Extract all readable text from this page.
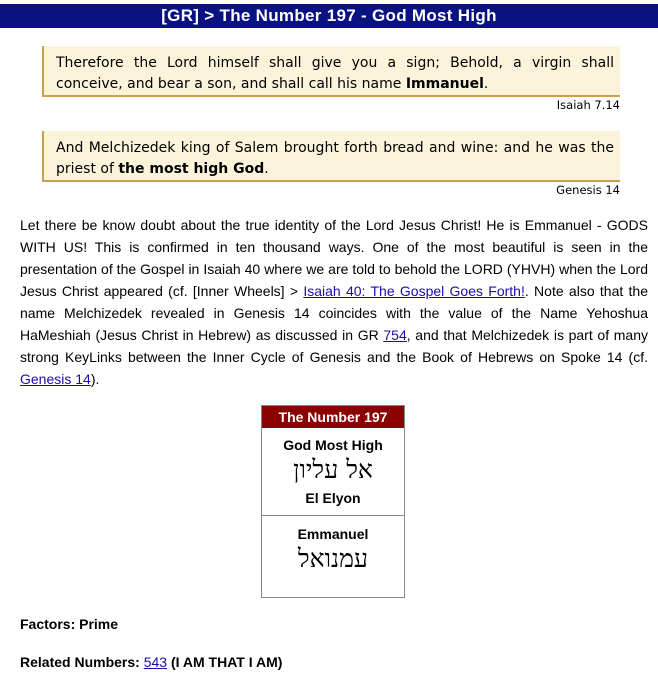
[GR] > The Number 197 - God Most High
Therefore the Lord himself shall give you a sign; Behold, a virgin shall conceive, and bear a son, and shall call his name Immanuel.
Isaiah 7.14
And Melchizedek king of Salem brought forth bread and wine: and he was the priest of the most high God.
Genesis 14
Let there be know doubt about the true identity of the Lord Jesus Christ! He is Emmanuel - GODS WITH US! This is confirmed in ten thousand ways. One of the most beautiful is seen in the presentation of the Gospel in Isaiah 40 where we are told to behold the LORD (YHVH) when the Lord Jesus Christ appeared (cf. [Inner Wheels] > Isaiah 40: The Gospel Goes Forth!. Note also that the name Melchizedek revealed in Genesis 14 coincides with the value of the Name Yehoshua HaMeshiah (Jesus Christ in Hebrew) as discussed in GR 754, and that Melchizedek is part of many strong KeyLinks between the Inner Cycle of Genesis and the Book of Hebrews on Spoke 14 (cf. Genesis 14).
The Number 197
God Most High
אל עליון
El Elyon
Emmanuel
עמנואל
Factors: Prime
Related Numbers: 543 (I AM THAT I AM)
